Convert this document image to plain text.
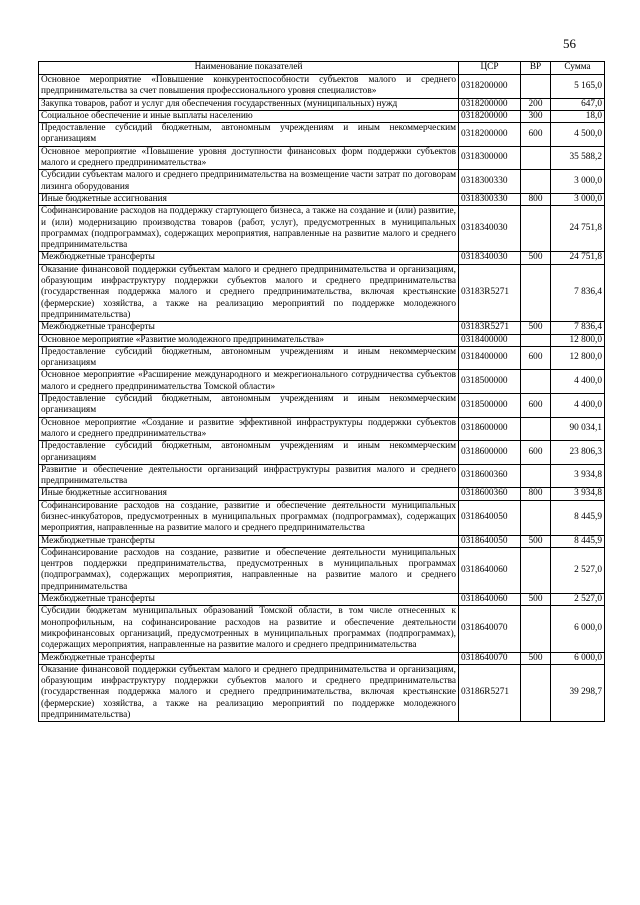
56
Наименование показателей	ЦСР	ВР	Сумма
Основное мероприятие «Повышение конкурентоспособности субъектов малого и среднего предпринимательства за счет повышения профессионального уровня специалистов»	0318200000		5 165,0
Закупка товаров, работ и услуг для обеспечения государственных (муниципальных) нужд	0318200000	200	647,0
Социальное обеспечение и иные выплаты населению	0318200000	300	18,0
Предоставление субсидий бюджетным, автономным учреждениям и иным некоммерческим организациям	0318200000	600	4 500,0
Основное мероприятие «Повышение уровня доступности финансовых форм поддержки субъектов малого и среднего предпринимательства»	0318300000		35 588,2
Субсидии субъектам малого и среднего предпринимательства на возмещение части затрат по договорам лизинга оборудования	0318300330		3 000,0
Иные бюджетные ассигнования	0318300330	800	3 000,0
Софинансирование расходов на поддержку стартующего бизнеса, а также на создание и (или) развитие, и (или) модернизацию производства товаров (работ, услуг), предусмотренных в муниципальных программах (подпрограммах), содержащих мероприятия, направленные на развитие малого и среднего предпринимательства	0318340030		24 751,8
Межбюджетные трансферты	0318340030	500	24 751,8
Оказание финансовой поддержки субъектам малого и среднего предпринимательства и организациям, образующим инфраструктуру поддержки субъектов малого и среднего предпринимательства (государственная поддержка малого и среднего предпринимательства, включая крестьянские (фермерские) хозяйства, а также на реализацию мероприятий по поддержке молодежного предпринимательства)	03183R5271		7 836,4
Межбюджетные трансферты	03183R5271	500	7 836,4
Основное мероприятие «Развитие молодежного предпринимательства»	0318400000		12 800,0
Предоставление субсидий бюджетным, автономным учреждениям и иным некоммерческим организациям	0318400000	600	12 800,0
Основное мероприятие «Расширение международного и межрегионального сотрудничества субъектов малого и среднего предпринимательства Томской области»	0318500000		4 400,0
Предоставление субсидий бюджетным, автономным учреждениям и иным некоммерческим организациям	0318500000	600	4 400,0
Основное мероприятие «Создание и развитие эффективной инфраструктуры поддержки субъектов малого и среднего предпринимательства»	0318600000		90 034,1
Предоставление субсидий бюджетным, автономным учреждениям и иным некоммерческим организациям	0318600000	600	23 806,3
Развитие и обеспечение деятельности организаций инфраструктуры развития малого и среднего предпринимательства	0318600360		3 934,8
Иные бюджетные ассигнования	0318600360	800	3 934,8
Софинансирование расходов на создание, развитие и обеспечение деятельности муниципальных бизнес-инкубаторов, предусмотренных в муниципальных программах (подпрограммах), содержащих мероприятия, направленные на развитие малого и среднего предпринимательства	0318640050		8 445,9
Межбюджетные трансферты	0318640050	500	8 445,9
Софинансирование расходов на создание, развитие и обеспечение деятельности муниципальных центров поддержки предпринимательства, предусмотренных в муниципальных программах (подпрограммах), содержащих мероприятия, направленные на развитие малого и среднего предпринимательства	0318640060		2 527,0
Межбюджетные трансферты	0318640060	500	2 527,0
Субсидии бюджетам муниципальных образований Томской области, в том числе отнесенных к монопрофильным, на софинансирование расходов на развитие и обеспечение деятельности микрофинансовых организаций, предусмотренных в муниципальных программах (подпрограммах), содержащих мероприятия, направленные на развитие малого и среднего предпринимательства	0318640070		6 000,0
Межбюджетные трансферты	0318640070	500	6 000,0
Оказание финансовой поддержки субъектам малого и среднего предпринимательства и организациям, образующим инфраструктуру поддержки субъектов малого и среднего предпринимательства (государственная поддержка малого и среднего предпринимательства, включая крестьянские (фермерские) хозяйства, а также на реализацию мероприятий по поддержке молодежного предпринимательства)	03186R5271		39 298,7
